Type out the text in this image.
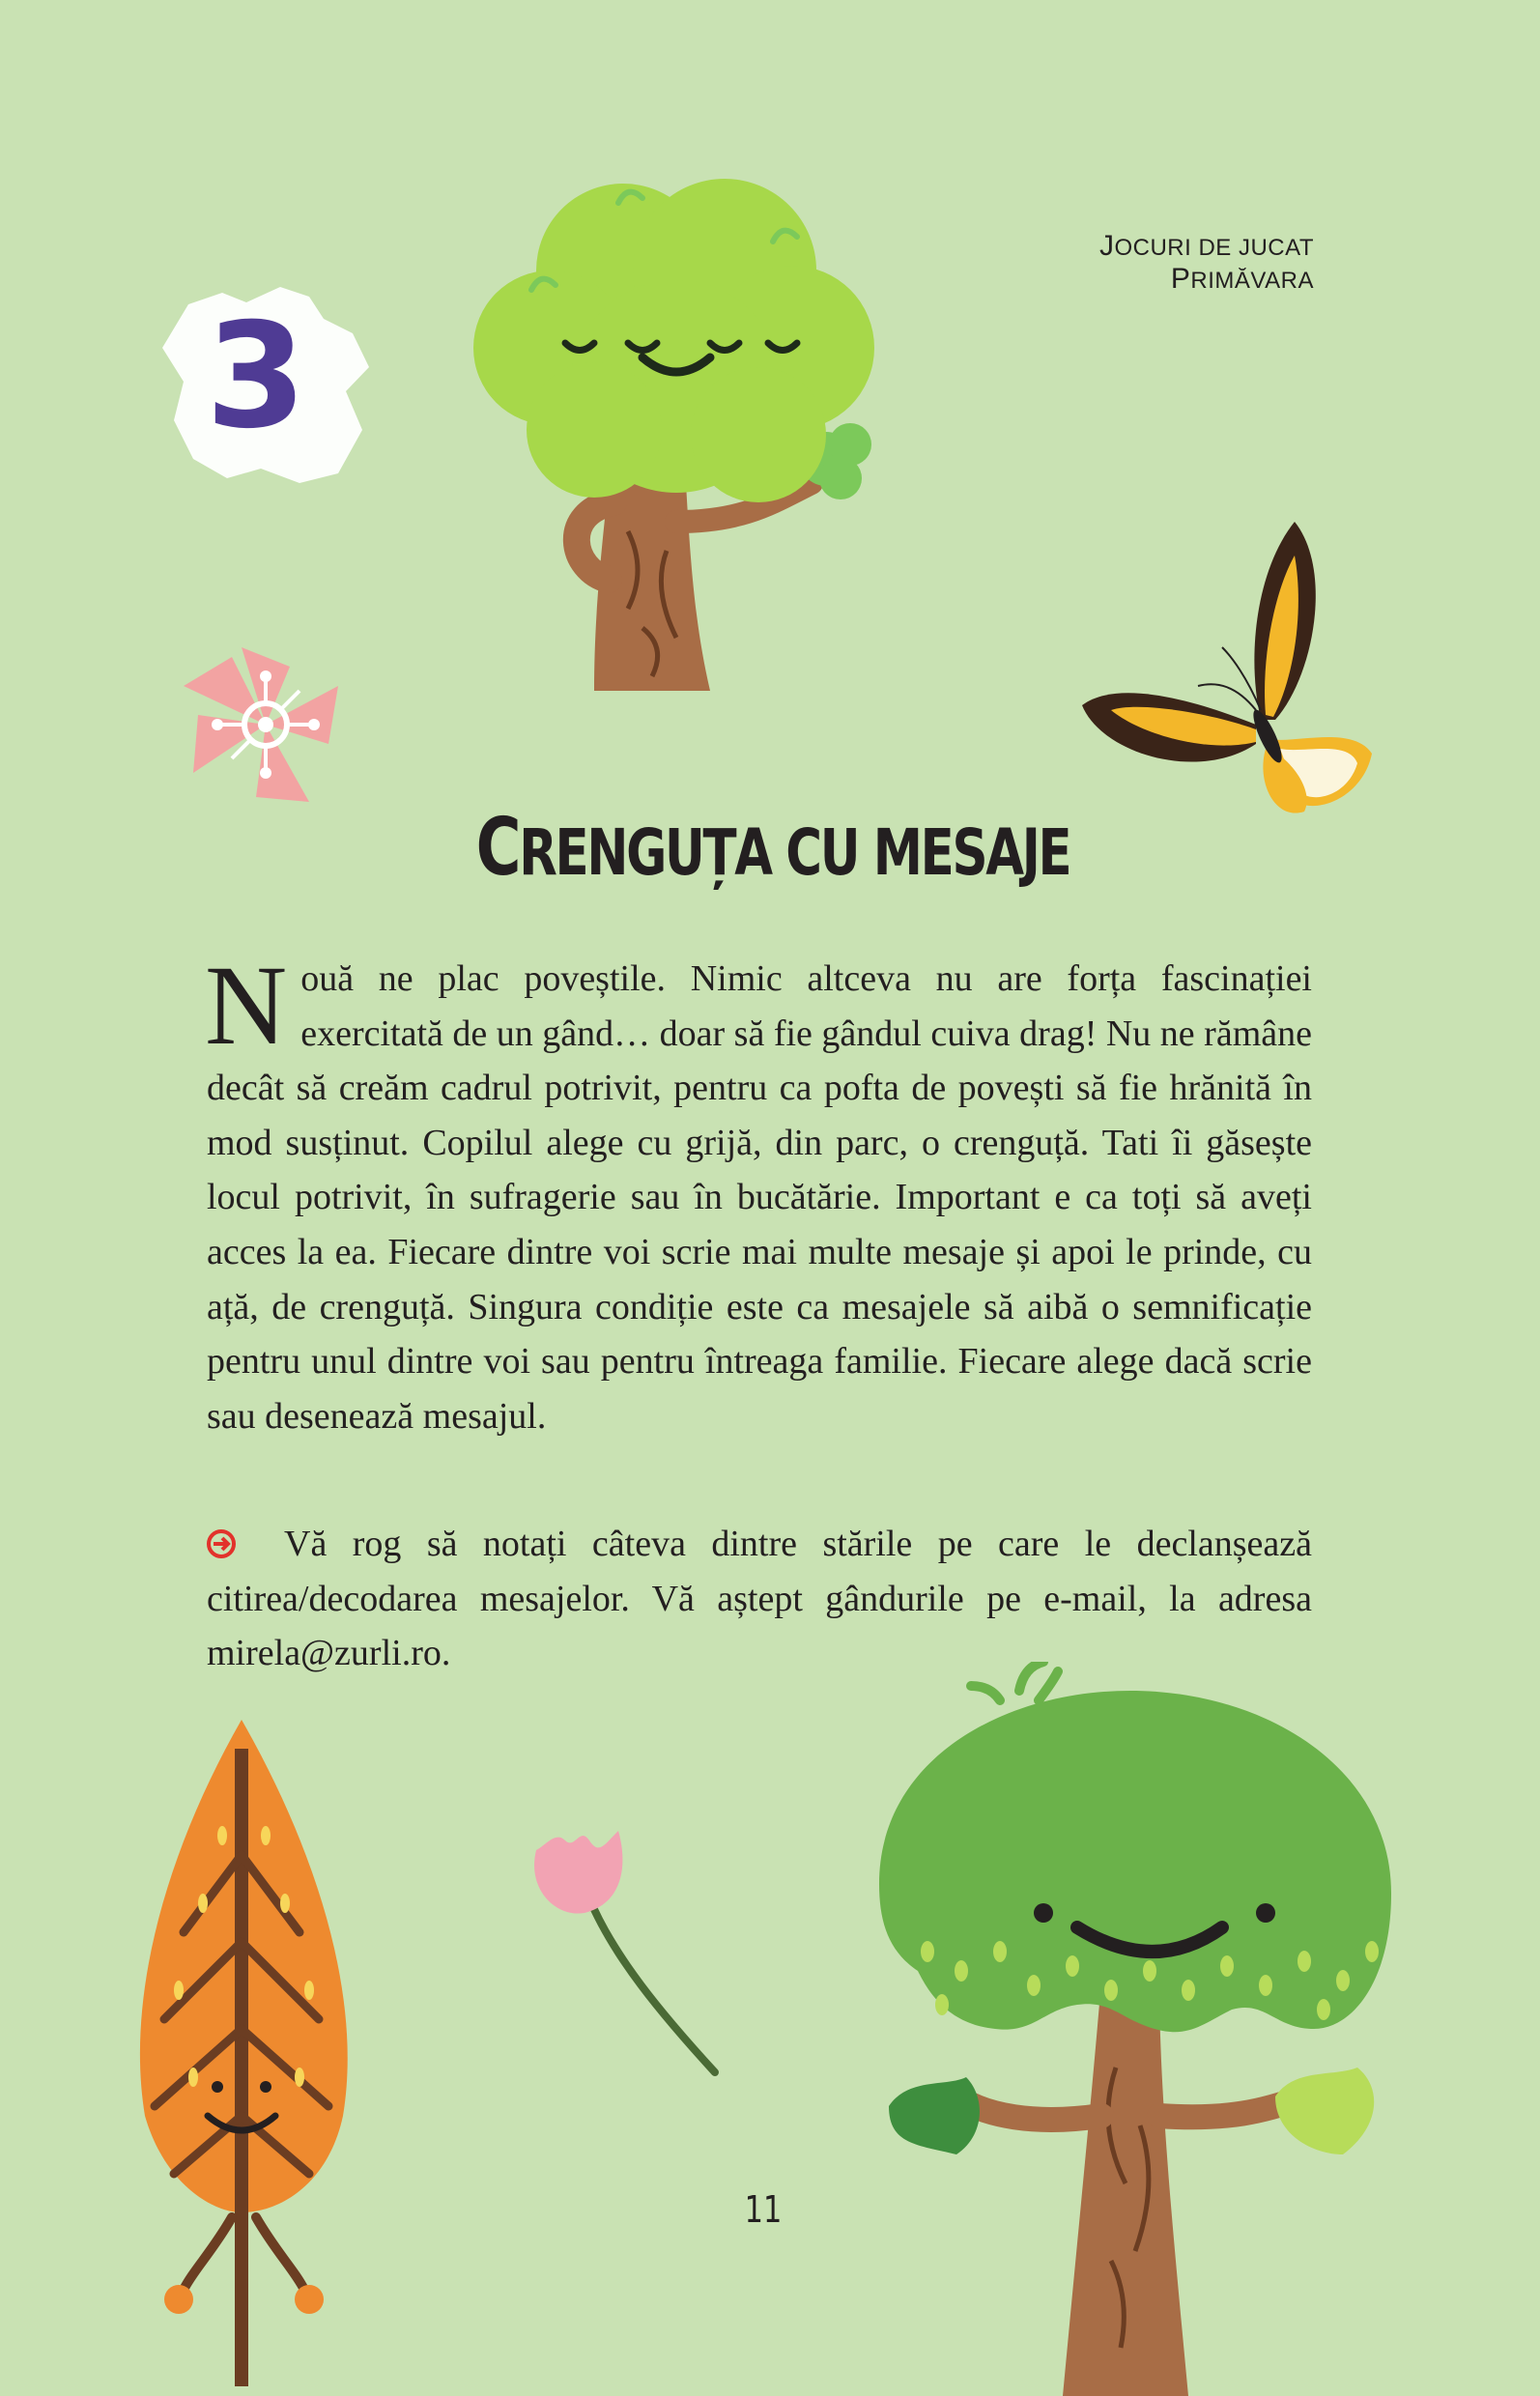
JOCURI DE JUCAT PRIMĂVARA
3
CRENGUȚA CU MESAJE
N ouă ne plac poveștile. Nimic altceva nu are forța fascinației exercitată de un gând… doar să fie gândul cuiva drag! Nu ne rămâne decât să creăm cadrul potrivit, pentru ca pofta de povești să fie hrănită în mod susținut. Copilul alege cu grijă, din parc, o crenguță. Tati îi găsește locul potrivit, în sufragerie sau în bucătărie. Important e ca toți să aveți acces la ea. Fiecare dintre voi scrie mai multe mesaje și apoi le prinde, cu ață, de crenguță. Singura condiție este ca mesajele să aibă o semnificație pentru unul dintre voi sau pentru întreaga familie. Fiecare alege dacă scrie sau desenează mesajul.
Vă rog să notați câteva dintre stările pe care le declanșează citirea/decodarea mesajelor. Vă aștept gândurile pe e-mail, la adresa mirela@zurli.ro.
11
